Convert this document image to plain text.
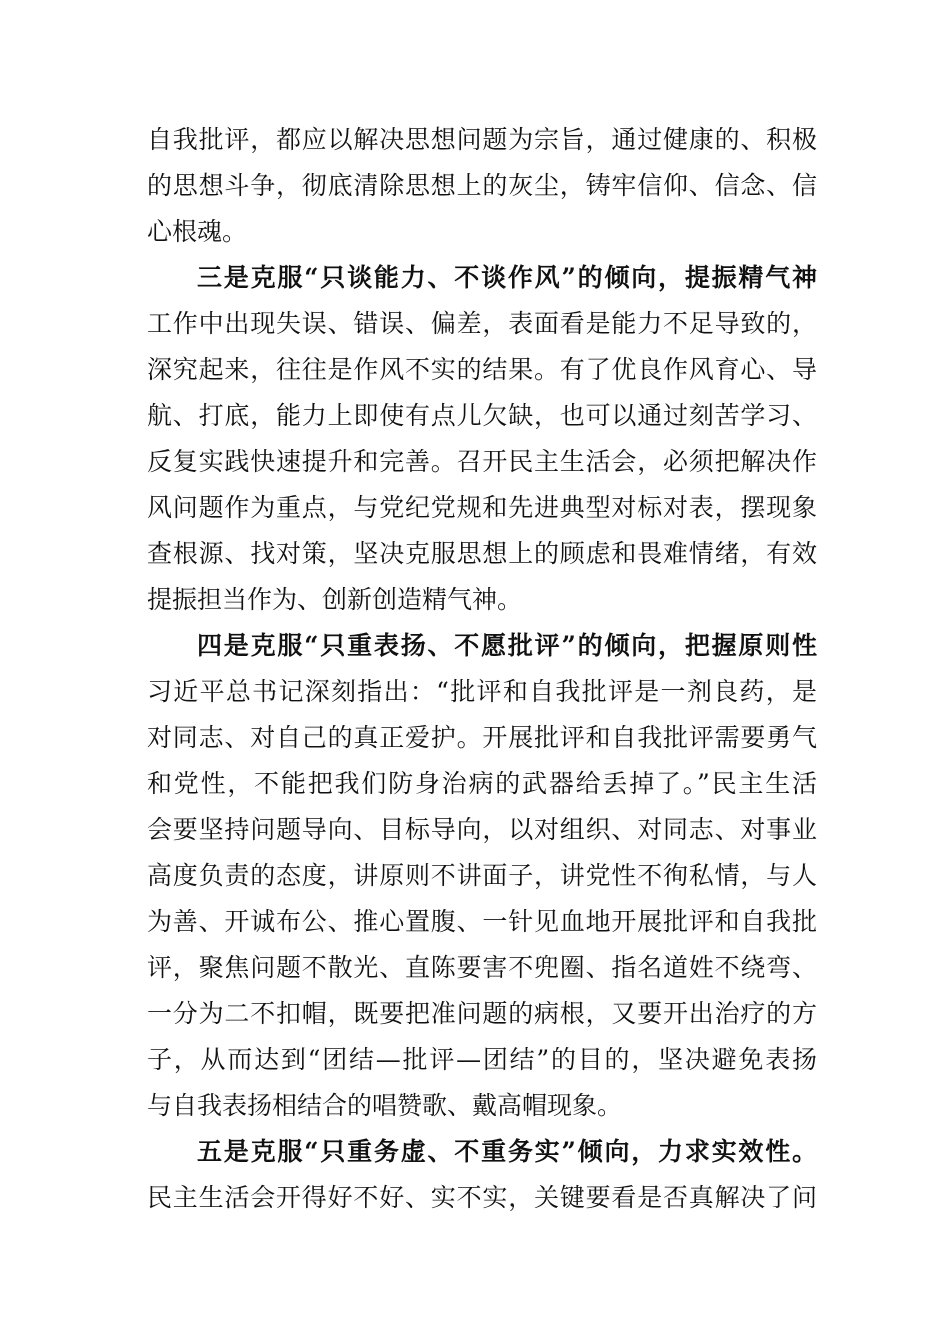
自我批评，都应以解决思想问题为宗旨，通过健康的、积极
的思想斗争，彻底清除思想上的灰尘，铸牢信仰、信念、信
心根魂。
三是克服“只谈能力、不谈作风”的倾向，提振精气神
工作中出现失误、错误、偏差，表面看是能力不足导致的，
深究起来，往往是作风不实的结果。有了优良作风育心、导
航、打底，能力上即使有点儿欠缺，也可以通过刻苦学习、
反复实践快速提升和完善。召开民主生活会，必须把解决作
风问题作为重点，与党纪党规和先进典型对标对表，摆现象
查根源、找对策，坚决克服思想上的顾虑和畏难情绪，有效
提振担当作为、创新创造精气神。
四是克服“只重表扬、不愿批评”的倾向，把握原则性
习近平总书记深刻指出：“批评和自我批评是一剂良药，是
对同志、对自己的真正爱护。开展批评和自我批评需要勇气
和党性，不能把我们防身治病的武器给丢掉了。”民主生活
会要坚持问题导向、目标导向，以对组织、对同志、对事业
高度负责的态度，讲原则不讲面子，讲党性不徇私情，与人
为善、开诚布公、推心置腹、一针见血地开展批评和自我批
评，聚焦问题不散光、直陈要害不兜圈、指名道姓不绕弯、
一分为二不扣帽，既要把准问题的病根，又要开出治疗的方
子，从而达到“团结—批评—团结”的目的，坚决避免表扬
与自我表扬相结合的唱赞歌、戴高帽现象。
五是克服“只重务虚、不重务实”倾向，力求实效性。
民主生活会开得好不好、实不实，关键要看是否真解决了问
